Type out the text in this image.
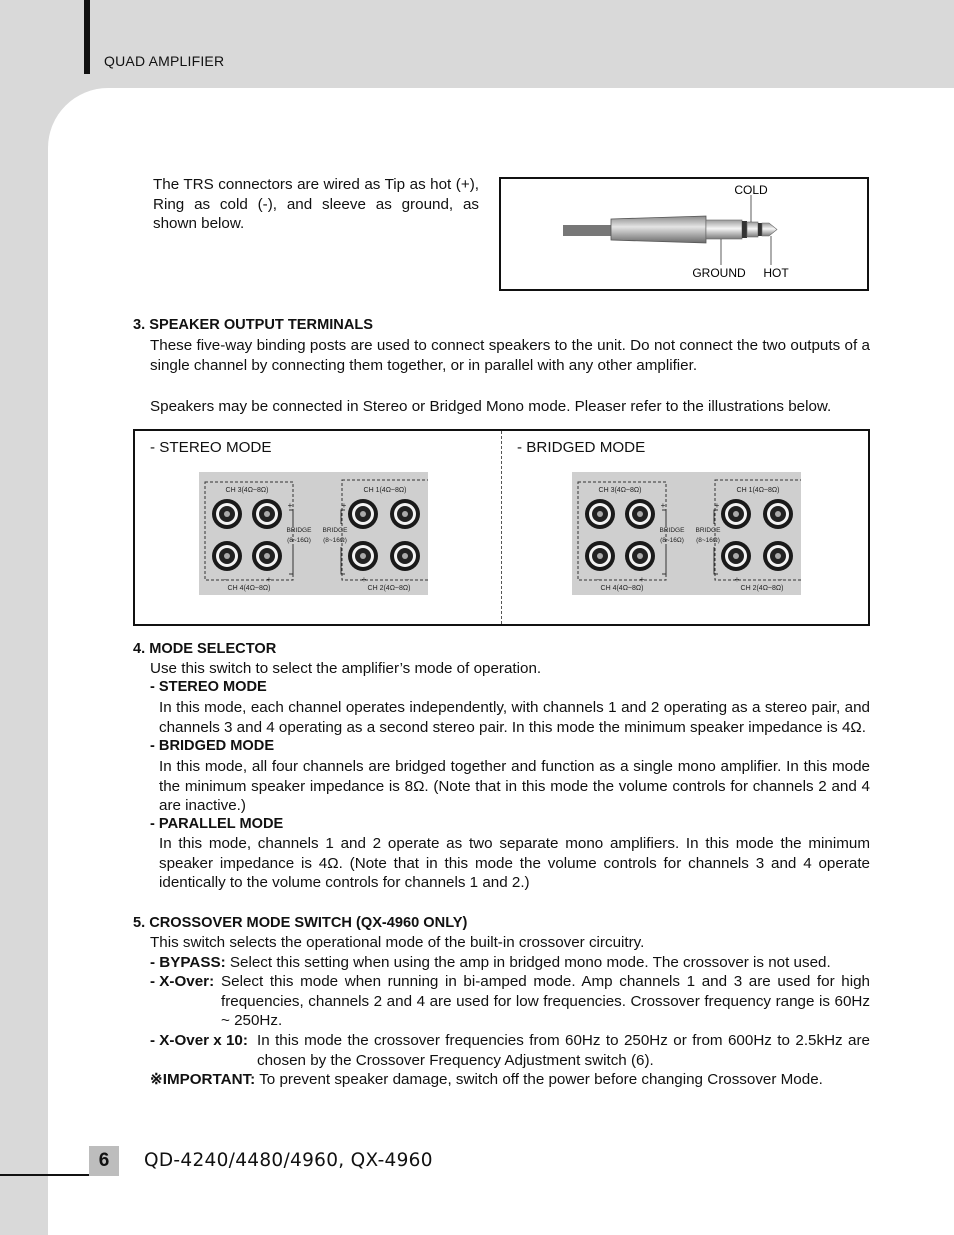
QUAD AMPLIFIER
The TRS connectors are wired as Tip as hot (+), Ring as cold (-), and sleeve as ground, as shown below.
COLD
GROUND HOT
3. SPEAKER OUTPUT TERMINALS
These five-way binding posts are used to connect speakers to the unit. Do not connect the two outputs of a single channel by connecting them together, or in parallel with any other amplifier.
Speakers may be connected in Stereo or Bridged Mono mode. Pleaser refer to the illustrations below.
- STEREO MODE	- BRIDGED MODE
CH 3(4Ω~8Ω)	CH 1(4Ω~8Ω)
CH 4(4Ω~8Ω)	CH 2(4Ω~8Ω)
BRIDGE
(8~16Ω)
BRIDGE
(8~16Ω)
+	+
–	+	+	–
CH 3(4Ω~8Ω)	CH 1(4Ω~8Ω)
CH 4(4Ω~8Ω)	CH 2(4Ω~8Ω)
BRIDGE
(8~16Ω)
BRIDGE
(8~16Ω)
+	+
–	+	+	–
4. MODE SELECTOR
Use this switch to select the amplifier’s mode of operation.
- STEREO MODE
In this mode, each channel operates independently, with channels 1 and 2 operating as a stereo pair, and channels 3 and 4 operating as a second stereo pair. In this mode the minimum speaker impedance is 4Ω.
- BRIDGED MODE
In this mode, all four channels are bridged together and function as a single mono amplifier. In this mode the minimum speaker impedance is 8Ω. (Note that in this mode the volume controls for channels 2 and 4 are inactive.)
- PARALLEL MODE
In this mode, channels 1 and 2 operate as two separate mono amplifiers. In this mode the minimum speaker impedance is 4Ω. (Note that in this mode the volume controls for channels 3 and 4 operate identically to the volume controls for channels 1 and 2.)
5. CROSSOVER MODE SWITCH (QX-4960 ONLY)
This switch selects the operational mode of the built-in crossover circuitry.
- BYPASS: Select this setting when using the amp in bridged mono mode. The crossover is not used.
- X-Over: Select this mode when running in bi-amped mode. Amp channels 1 and 3 are used for high frequencies, channels 2 and 4 are used for low frequencies. Crossover frequency range is 60Hz ~ 250Hz.
- X-Over x 10: In this mode the crossover frequencies from 60Hz to 250Hz or from 600Hz to 2.5kHz are chosen by the Crossover Frequency Adjustment switch (6).
※IMPORTANT: To prevent speaker damage, switch off the power before changing Crossover Mode.
6	QD-4240/4480/4960, QX-4960
